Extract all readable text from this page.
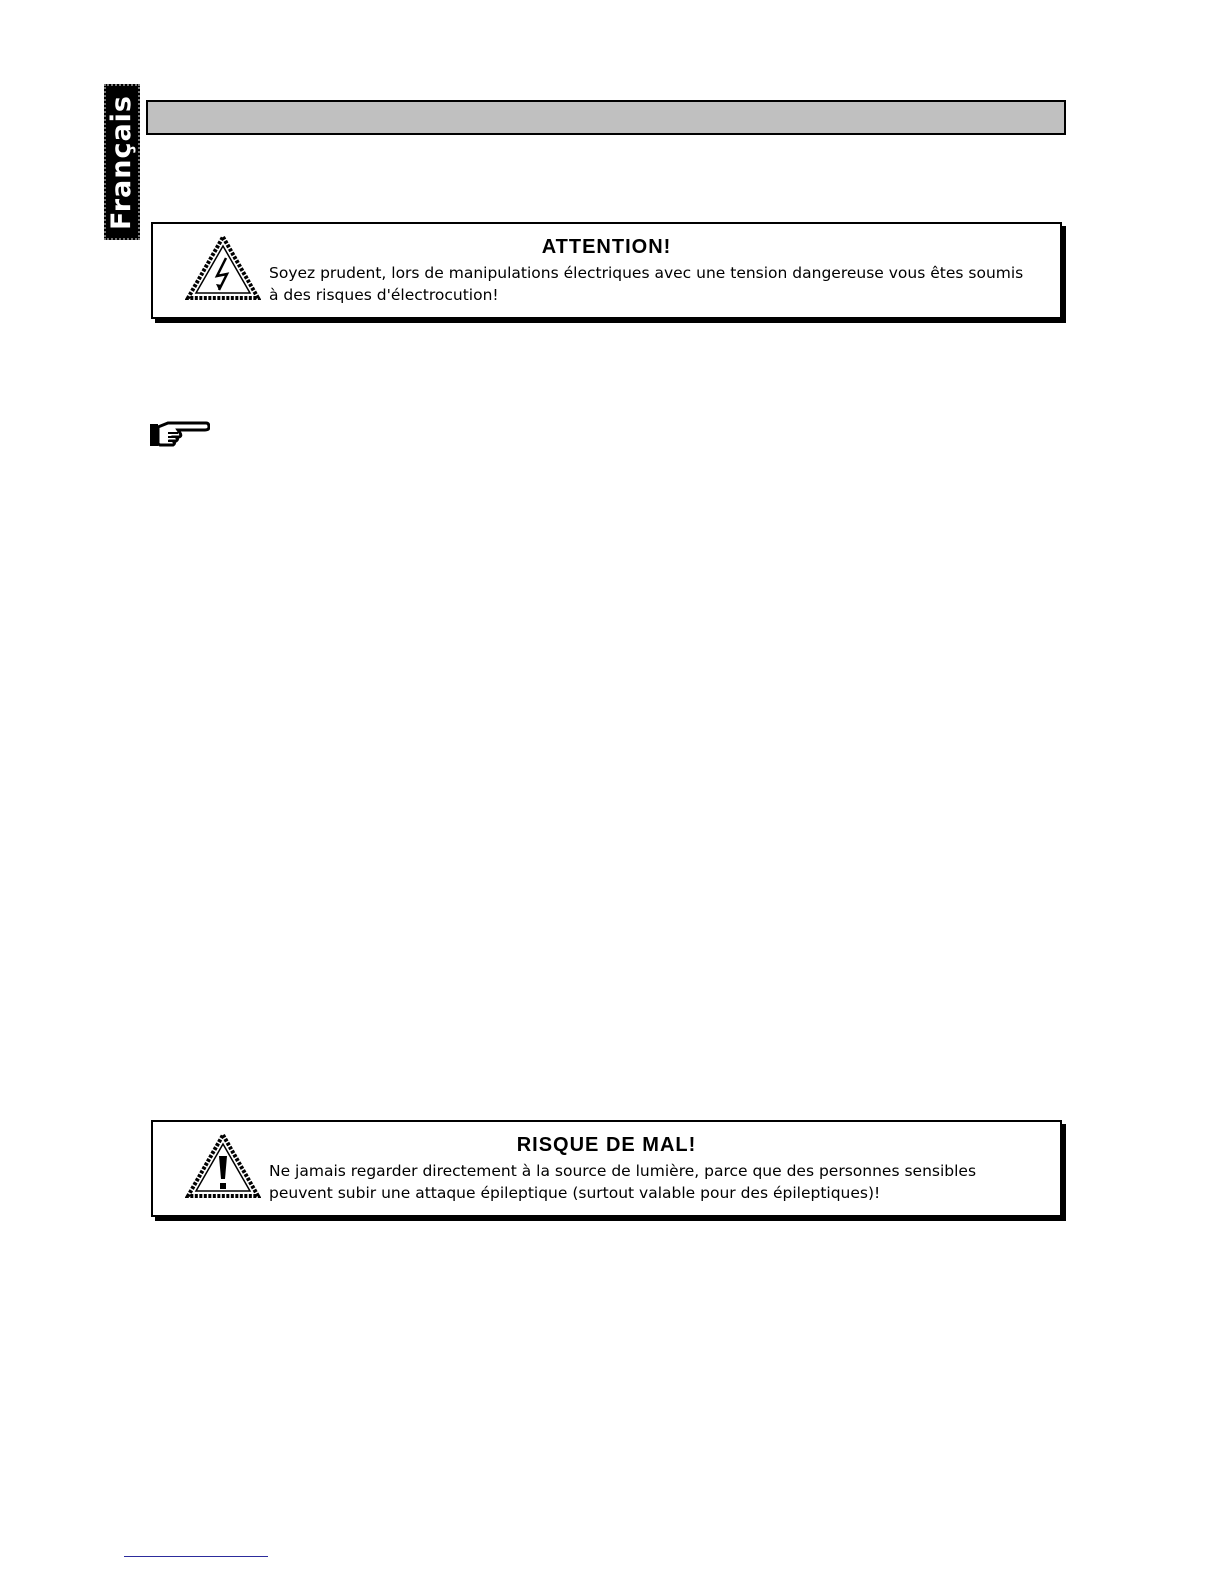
Français
ATTENTION!
Soyez prudent, lors de manipulations électriques avec une tension dangereuse vous êtes soumis à des risques d'électrocution!
RISQUE DE MAL!
Ne jamais regarder directement à la source de lumière, parce que des personnes sensibles peuvent subir une attaque épileptique (surtout valable pour des épileptiques)!
